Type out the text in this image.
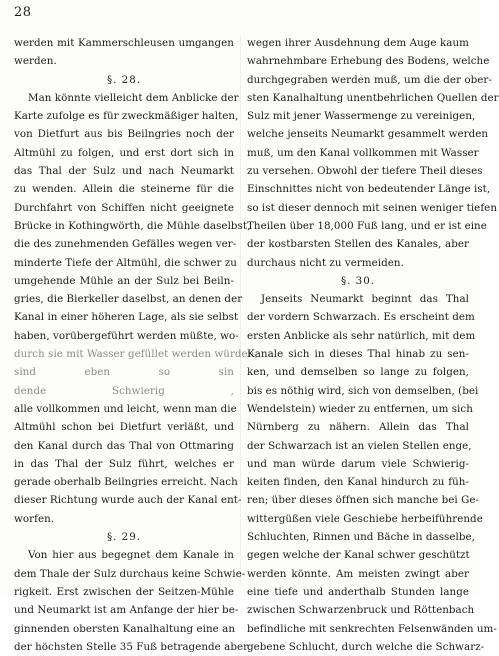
28
werden mit Kammerschleusen umgangen
werden.
§. 28.
Man könnte vielleicht dem Anblicke der
Karte zufolge es für zweckmäßiger halten,
von Dietfurt aus bis Beilngries noch der
Altmühl zu folgen, und erst dort sich in
das Thal der Sulz und nach Neumarkt
zu wenden. Allein die steinerne für die
Durchfahrt von Schiffen nicht geeignete
Brücke in Kothingwörth, die Mühle daselbst,
die des zunehmenden Gefälles wegen ver-
minderte Tiefe der Altmühl, die schwer zu
umgehende Mühle an der Sulz bei Beiln-
gries, die Bierkeller daselbst, an denen der
Kanal in einer höheren Lage, als sie selbst
haben, vorübergeführt werden müßte, wo-
durch sie mit Wasser gefüllet werden würden,
sind eben so sin
dende Schwierig ,
alle vollkommen und leicht, wenn man die
Altmühl schon bei Dietfurt verläßt, und
den Kanal durch das Thal von Ottmaring
in das Thal der Sulz führt, welches er
gerade oberhalb Beilngries erreicht. Nach
dieser Richtung wurde auch der Kanal ent-
worfen.
§. 29.
Von hier aus begegnet dem Kanale in
dem Thale der Sulz durchaus keine Schwie-
rigkeit. Erst zwischen der Seitzen-Mühle
und Neumarkt ist am Anfange der hier be-
ginnenden obersten Kanalhaltung eine an
der höchsten Stelle 35 Fuß betragende aber
wegen ihrer Ausdehnung dem Auge kaum
wahrnehmbare Erhebung des Bodens, welche
durchgegraben werden muß, um die der ober-
sten Kanalhaltung unentbehrlichen Quellen der
Sulz mit jener Wassermenge zu vereinigen,
welche jenseits Neumarkt gesammelt werden
muß, um den Kanal vollkommen mit Wasser
zu versehen. Obwohl der tiefere Theil dieses
Einschnittes nicht von bedeutender Länge ist,
so ist dieser dennoch mit seinen weniger tiefen
Theilen über 18,000 Fuß lang, und er ist eine
der kostbarsten Stellen des Kanales, aber
durchaus nicht zu vermeiden.
§. 30.
Jenseits Neumarkt beginnt das Thal
der vordern Schwarzach. Es erscheint dem
ersten Anblicke als sehr natürlich, mit dem
Kanale sich in dieses Thal hinab zu sen-
ken, und demselben so lange zu folgen,
bis es nöthig wird, sich von demselben, (bei
Wendelstein) wieder zu entfernen, um sich
Nürnberg zu nähern. Allein das Thal
der Schwarzach ist an vielen Stellen enge,
und man würde darum viele Schwierig-
keiten finden, den Kanal hindurch zu füh-
ren; über dieses öffnen sich manche bei Ge-
wittergüßen viele Geschiebe herbeiführende
Schluchten, Rinnen und Bäche in dasselbe,
gegen welche der Kanal schwer geschützt
werden könnte. Am meisten zwingt aber
eine tiefe und anderthalb Stunden lange
zwischen Schwarzenbruck und Röttenbach
befindliche mit senkrechten Felsenwänden um-
gebene Schlucht, durch welche die Schwarz-
